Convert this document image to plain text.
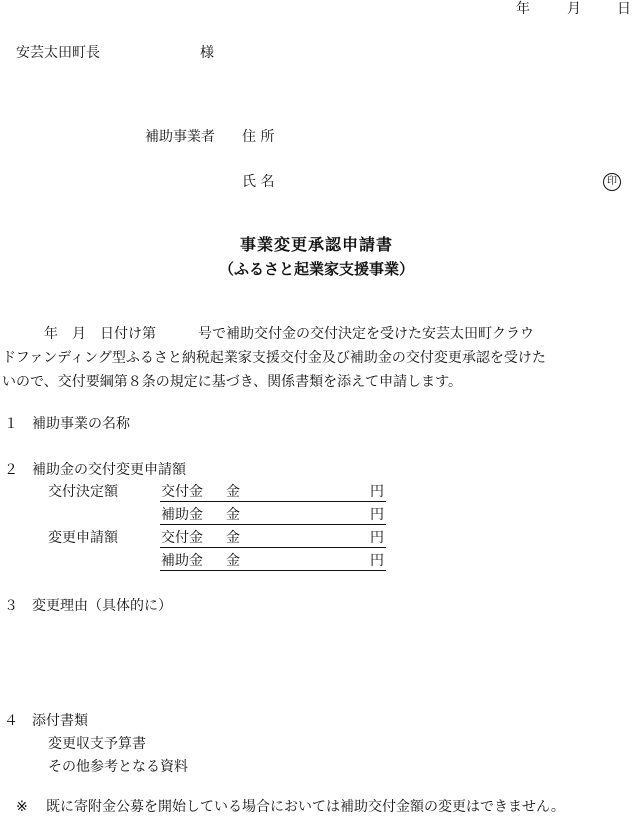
年	月	日
安芸太田町長	様
補助事業者 住 所
氏 名	印
事業変更承認申請書
（ふるさと起業家支援事業）
　　　年　月　日付け第　　　号で補助交付金の交付決定を受けた安芸太田町クラウ
ドファンディング型ふるさと納税起業家支援交付金及び補助金の交付変更承認を受けた
いので、交付要綱第８条の規定に基づき、関係書類を添えて申請します。
１ 補助事業の名称
２ 補助金の交付変更申請額
交付決定額	交付金 金	円
補助金 金	円
変更申請額	交付金 金	円
補助金 金	円
３ 変更理由（具体的に）
４ 添付書類
変更収支予算書
その他参考となる資料
※ 既に寄附金公募を開始している場合においては補助交付金額の変更はできません。
